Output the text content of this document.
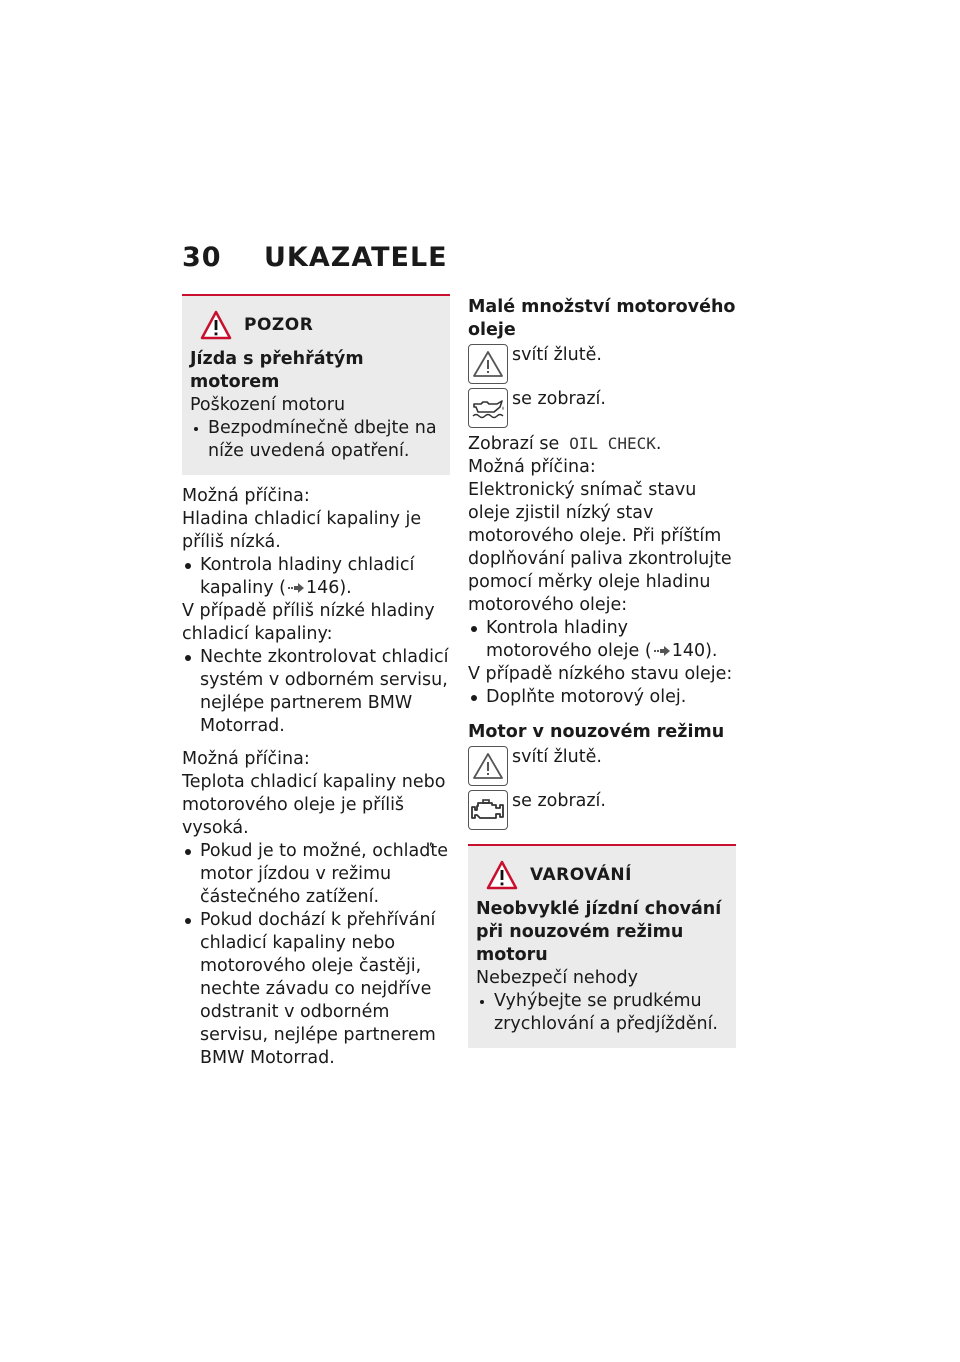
30	UKAZATELE
POZOR

Jízda s přehřátým motorem

Poškození motoru

Bezpodmínečně dbejte na níže uvedená opatření.

Možná příčina:

Hladina chladicí kapaliny je příliš nízká.

Kontrola hladiny chladicí kapaliny ( 146).

V případě příliš nízké hladiny chladicí kapaliny:

Nechte zkontrolovat chladicí systém v odborném servisu, nejlépe partnerem BMW Motorrad.

Možná příčina:

Teplota chladicí kapaliny nebo motorového oleje je příliš vysoká.

Pokud je to možné, ochlaďte motor jízdou v režimu částečného zatížení.

Pokud dochází k přehřívání chladicí kapaliny nebo motorového oleje častěji, nechte závadu co nejdříve odstranit v odborném servisu, nejlépe partnerem BMW Motorrad.

Malé množství motorového oleje

svítí žlutě.
se zobrazí.

Zobrazí se OIL CHECK.

Možná příčina:

Elektronický snímač stavu oleje zjistil nízký stav motorového oleje. Při příštím doplňování paliva zkontrolujte pomocí měrky oleje hladinu motorového oleje:

Kontrola hladiny motorového oleje ( 140).

V případě nízkého stavu oleje:

Doplňte motorový olej.

Motor v nouzovém režimu

svítí žlutě.
se zobrazí.
VAROVÁNÍ

Neobvyklé jízdní chování při nouzovém režimu motoru

Nebezpečí nehody

Vyhýbejte se prudkému zrychlování a předjíždění.
